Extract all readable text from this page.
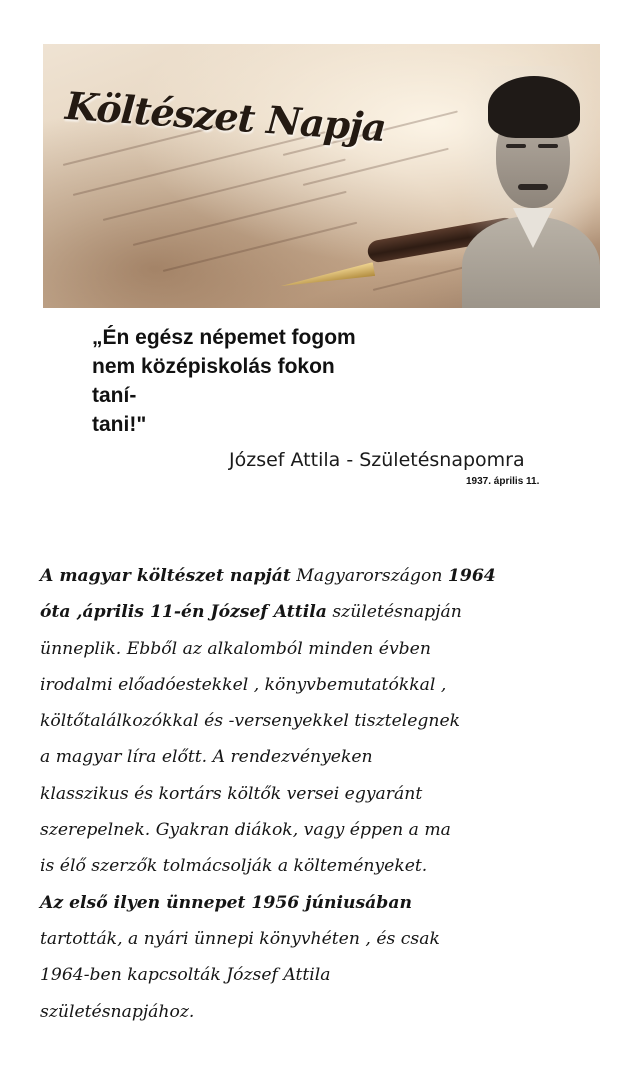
Költészet Napja
„Én egész népemet fogom
nem középiskolás fokon
taní-
tani!"
József Attila - Születésnapomra
1937. április 11.
A magyar költészet napját Magyarországon 1964
óta ,április 11-én József Attila születésnapján
ünneplik. Ebből az alkalomból minden évben
irodalmi előadóestekkel , könyvbemutatókkal ,
költőtalálkozókkal és -versenyekkel tisztelegnek
a magyar líra előtt. A rendezvényeken
klasszikus és kortárs költők versei egyaránt
szerepelnek. Gyakran diákok, vagy éppen a ma
is élő szerzők tolmácsolják a költeményeket.
Az első ilyen ünnepet 1956 júniusában
tartották, a nyári ünnepi könyvhéten , és csak
1964-ben kapcsolták József Attila
születésnapjához.
